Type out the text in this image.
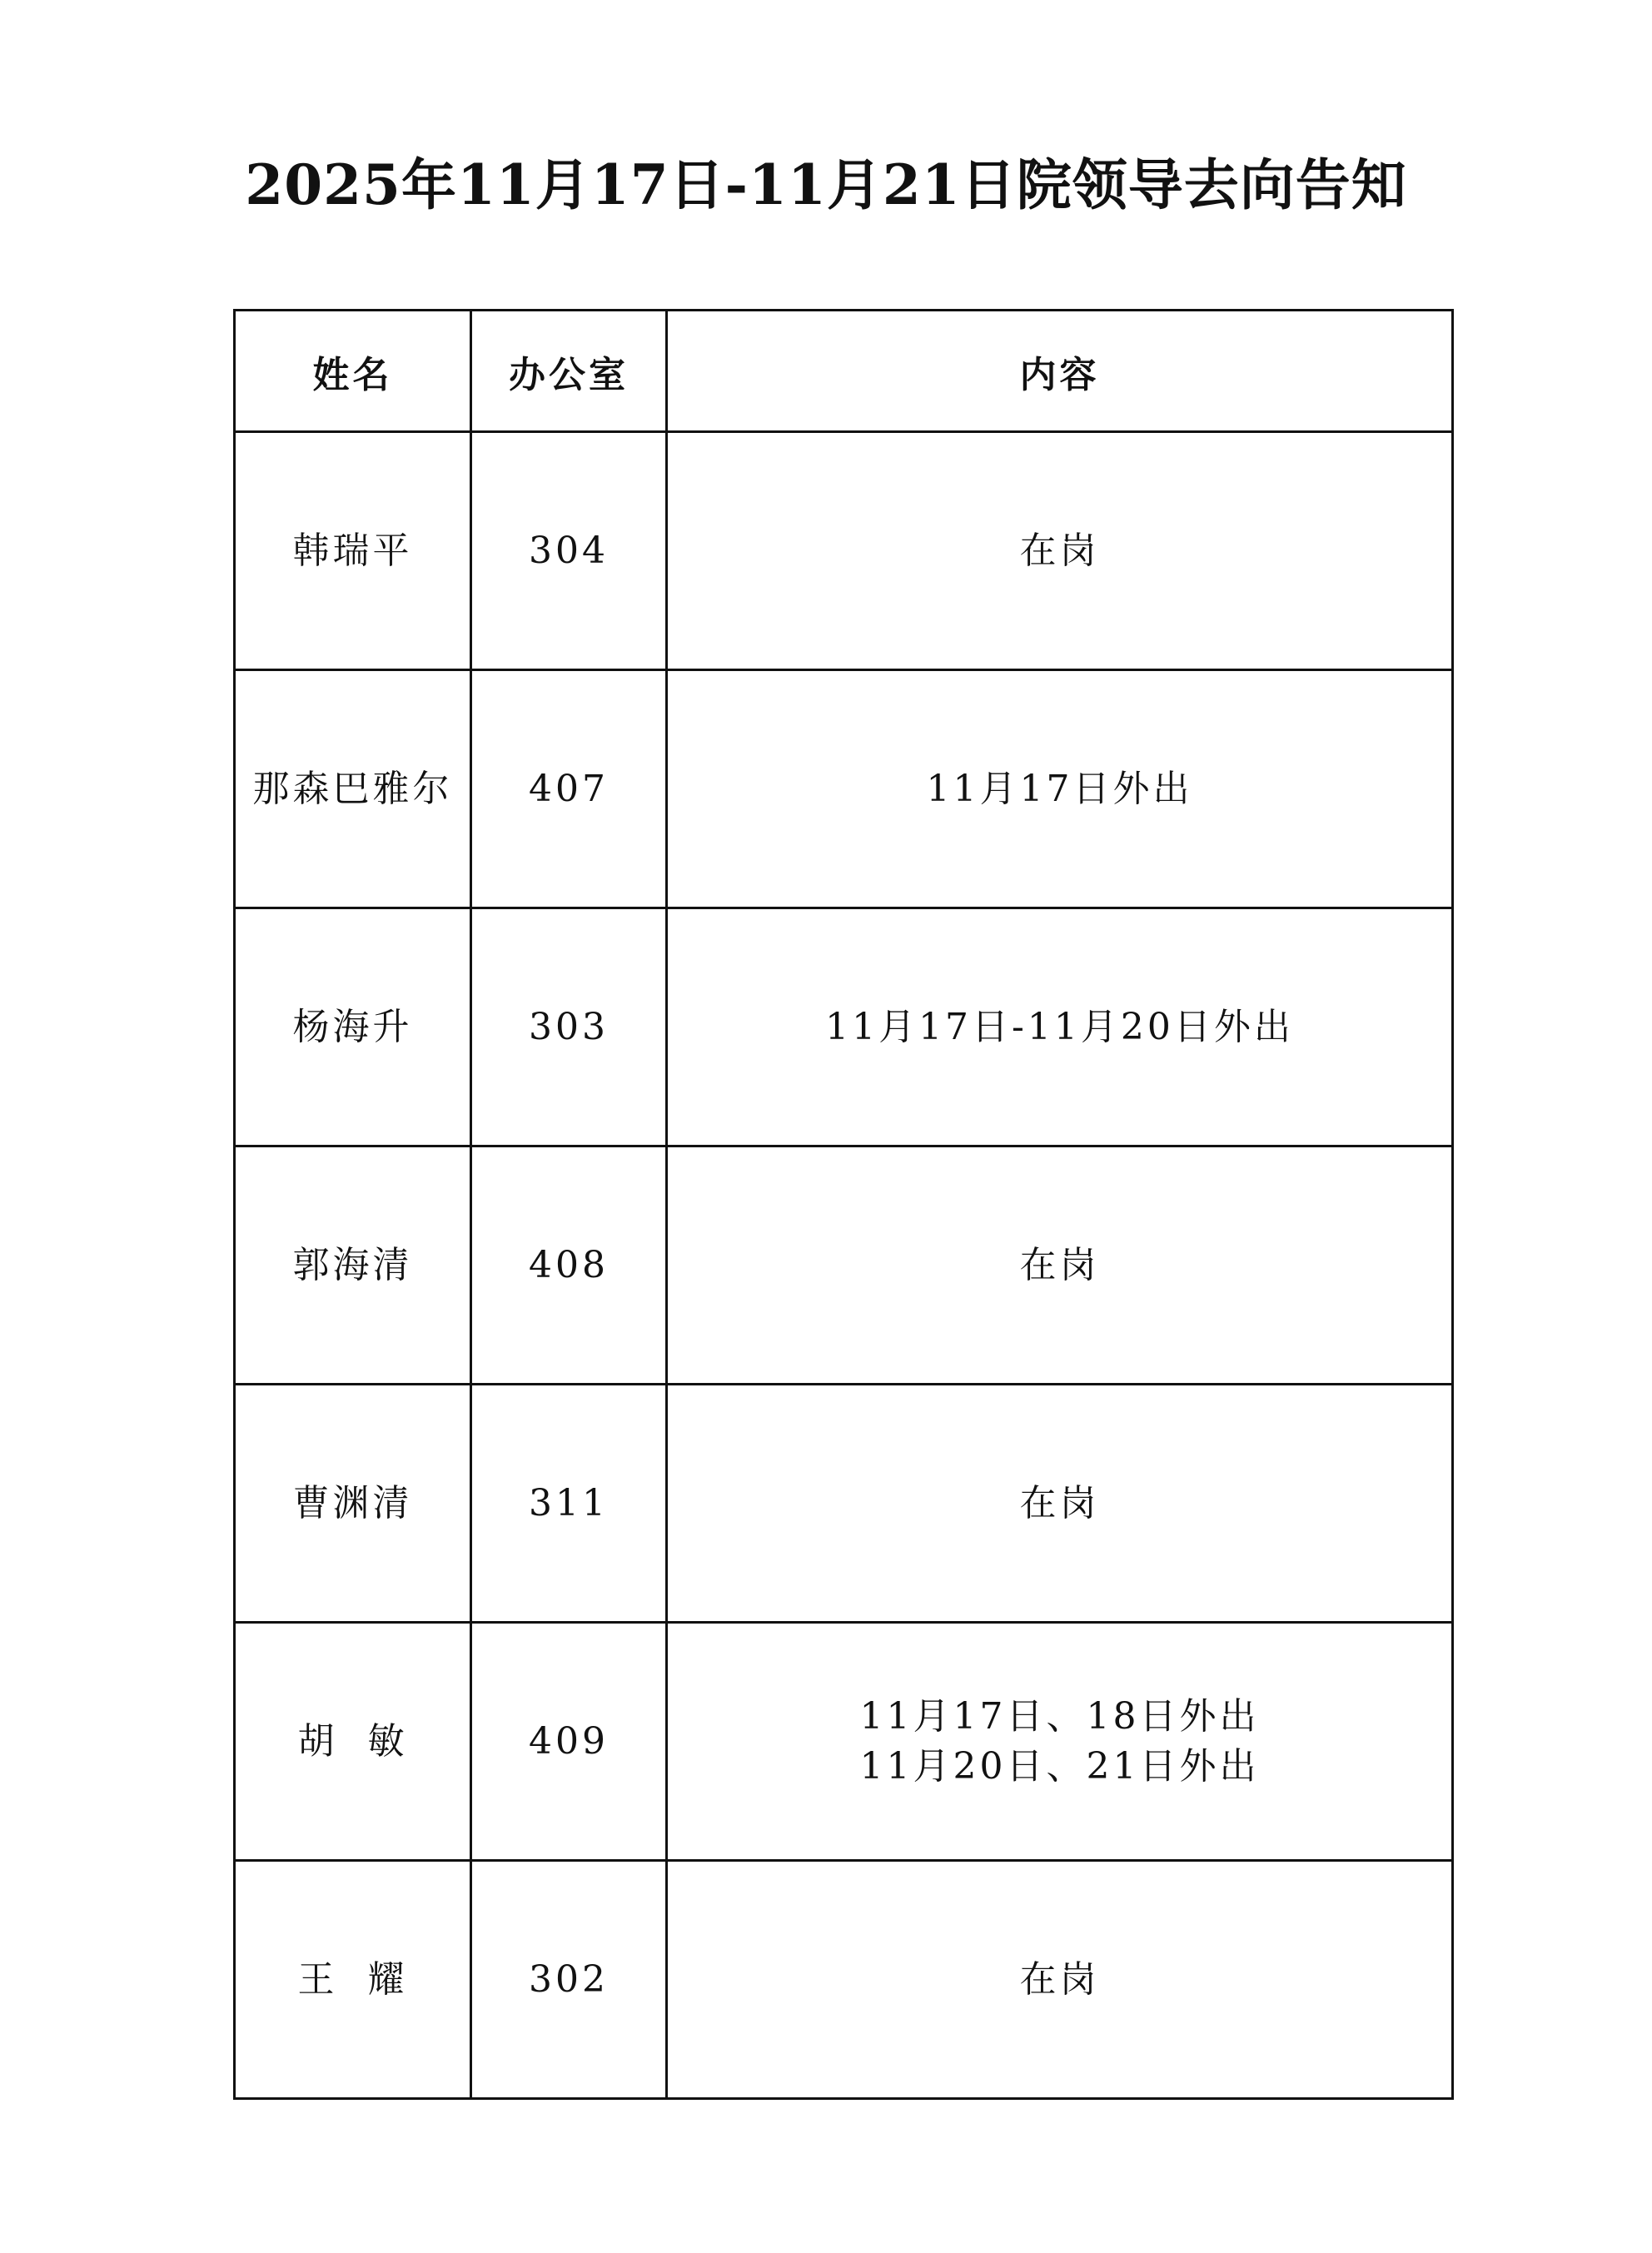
2025年11月17日-11月21日院领导去向告知
姓名	办公室	内容
韩瑞平	304	在岗

那森巴雅尔	407	11月17日外出

杨海升	303	11月17日-11月20日外出

郭海清	408	在岗

曹渊清	311	在岗

胡  敏	409	11月17日、18日外出
11月20日、21日外出

王  耀	302	在岗
